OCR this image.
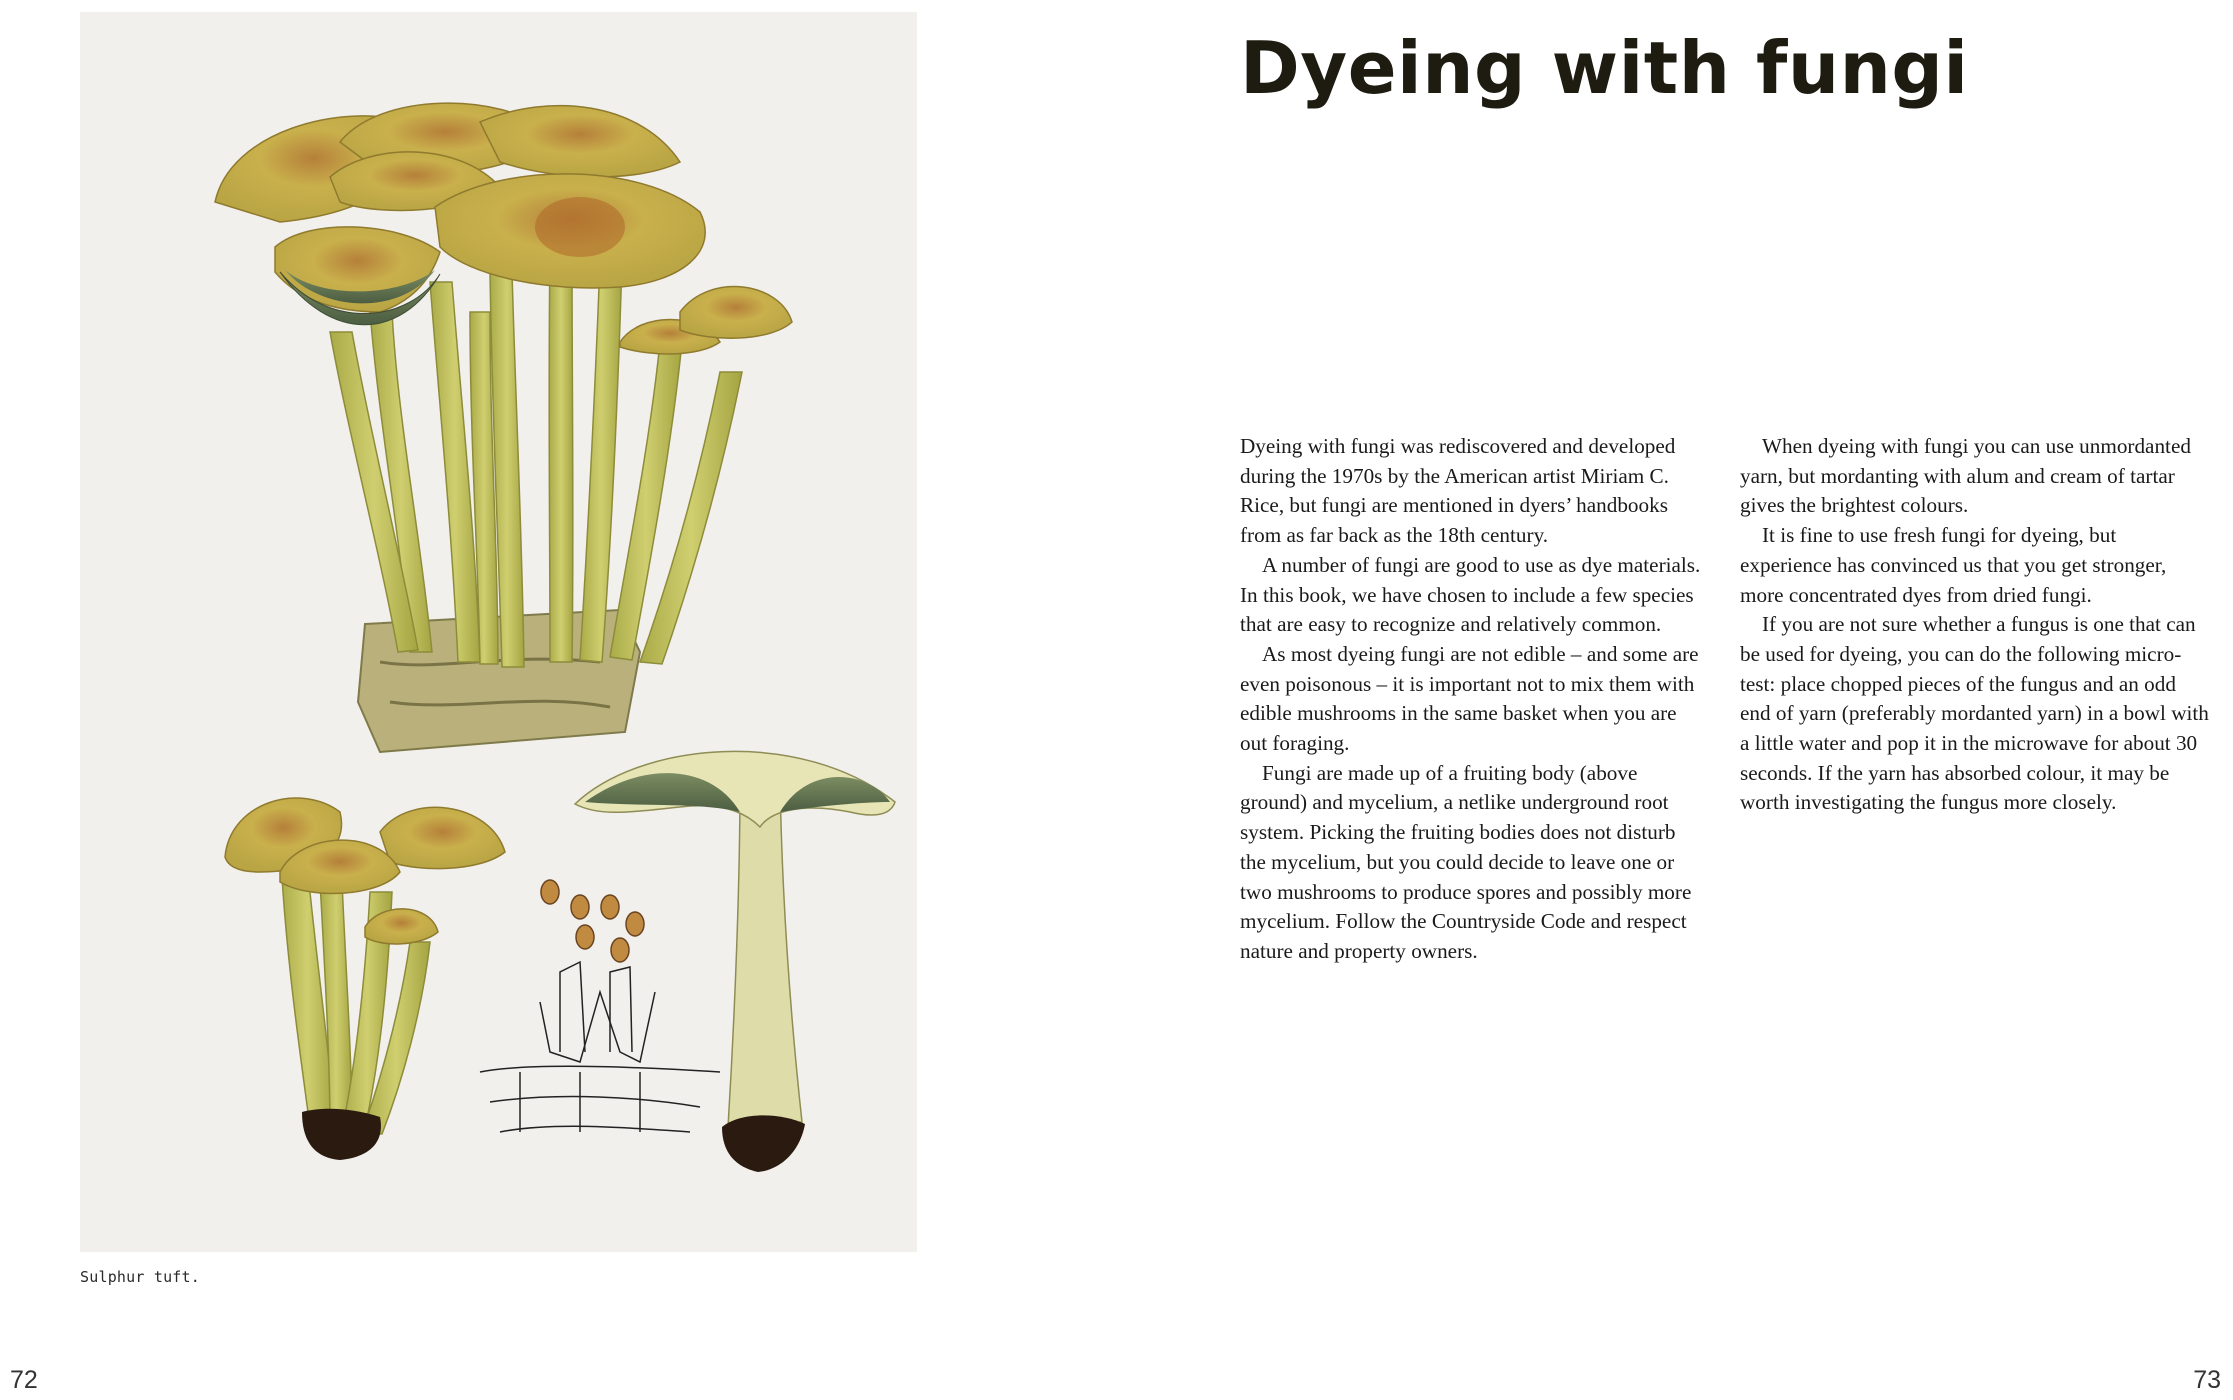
Sulphur tuft.
72
Dyeing with fungi

Dyeing with fungi was rediscovered and developed during the 1970s by the American artist Miriam C. Rice, but fungi are mentioned in dyers’ handbooks from as far back as the 18th century.

A number of fungi are good to use as dye materials. In this book, we have chosen to include a few species that are easy to recognize and relatively common.

As most dyeing fungi are not edible – and some are even poisonous – it is important not to mix them with edible mushrooms in the same basket when you are out foraging.

Fungi are made up of a fruiting body (above ground) and mycelium, a netlike underground root system. Picking the fruiting bodies does not disturb the mycelium, but you could decide to leave one or two mushrooms to produce spores and possibly more mycelium. Follow the Countryside Code and respect nature and property owners.

When dyeing with fungi you can use unmordanted yarn, but mordanting with alum and cream of tartar gives the brightest colours.

It is fine to use fresh fungi for dyeing, but experience has convinced us that you get stronger, more concentrated dyes from dried fungi.

If you are not sure whether a fungus is one that can be used for dyeing, you can do the following micro-test: place chopped pieces of the fungus and an odd end of yarn (preferably mordanted yarn) in a bowl with a little water and pop it in the microwave for about 30 seconds. If the yarn has absorbed colour, it may be worth investigating the fungus more closely.

73
